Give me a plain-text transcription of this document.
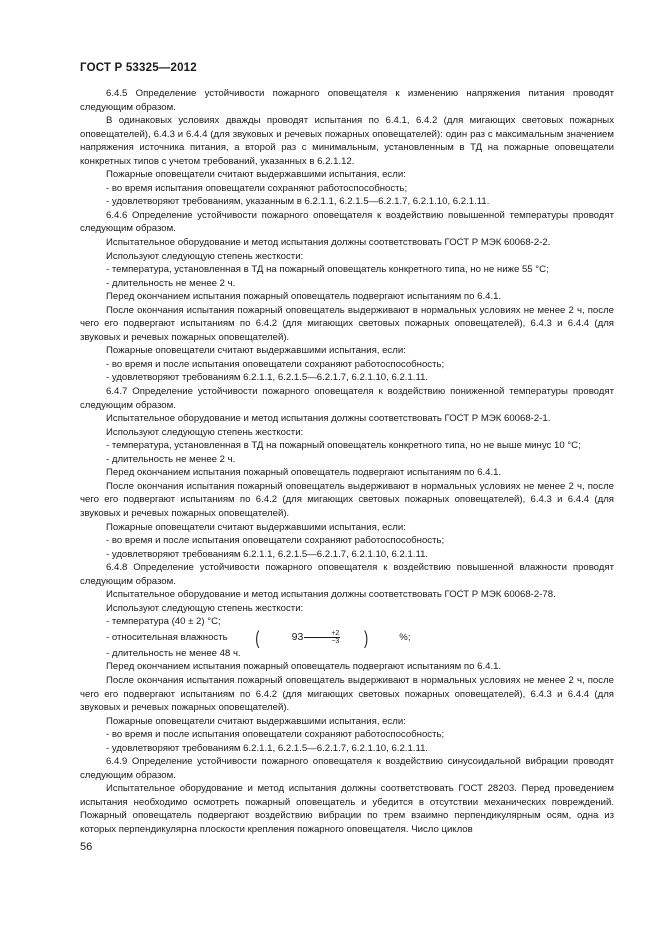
ГОСТ Р 53325—2012

6.4.5 Определение устойчивости пожарного оповещателя к изменению напряжения питания проводят следующим образом.

В одинаковых условиях дважды проводят испытания по 6.4.1, 6.4.2 (для мигающих световых пожарных оповещателей), 6.4.3 и 6.4.4 (для звуковых и речевых пожарных оповещателей): один раз с максимальным значением напряжения источника питания, а второй раз с минимальным, установленным в ТД на пожарные оповещатели конкретных типов с учетом требований, указанных в 6.2.1.12.

Пожарные оповещатели считают выдержавшими испытания, если:

- во время испытания оповещатели сохраняют работоспособность;

- удовлетворяют требованиям, указанным в 6.2.1.1, 6.2.1.5—6.2.1.7, 6.2.1.10, 6.2.1.11.

6.4.6 Определение устойчивости пожарного оповещателя к воздействию повышенной температуры проводят следующим образом.

Испытательное оборудование и метод испытания должны соответствовать ГОСТ Р МЭК 60068-2-2.

Используют следующую степень жесткости:

- температура, установленная в ТД на пожарный оповещатель конкретного типа, но не ниже 55 °С;

- длительность не менее 2 ч.

Перед окончанием испытания пожарный оповещатель подвергают испытаниям по 6.4.1.

После окончания испытания пожарный оповещатель выдерживают в нормальных условиях не менее 2 ч, после чего его подвергают испытаниям по 6.4.2 (для мигающих световых пожарных оповещателей), 6.4.3 и 6.4.4 (для звуковых и речевых пожарных оповещателей).

Пожарные оповещатели считают выдержавшими испытания, если:

- во время и после испытания оповещатели сохраняют работоспособность;

- удовлетворяют требованиям 6.2.1.1, 6.2.1.5—6.2.1.7, 6.2.1.10, 6.2.1.11.

6.4.7 Определение устойчивости пожарного оповещателя к воздействию пониженной температуры проводят следующим образом.

Испытательное оборудование и метод испытания должны соответствовать ГОСТ Р МЭК 60068-2-1.

Используют следующую степень жесткости:

- температура, установленная в ТД на пожарный оповещатель конкретного типа, но не выше минус 10 °С;

- длительность не менее 2 ч.

Перед окончанием испытания пожарный оповещатель подвергают испытаниям по 6.4.1.

После окончания испытания пожарный оповещатель выдерживают в нормальных условиях не менее 2 ч, после чего его подвергают испытаниям по 6.4.2 (для мигающих световых пожарных оповещателей), 6.4.3 и 6.4.4 (для звуковых и речевых пожарных оповещателей).

Пожарные оповещатели считают выдержавшими испытания, если:

- во время и после испытания оповещатели сохраняют работоспособность;

- удовлетворяют требованиям 6.2.1.1, 6.2.1.5—6.2.1.7, 6.2.1.10, 6.2.1.11.

6.4.8 Определение устойчивости пожарного оповещателя к воздействию повышенной влажности проводят следующим образом.

Испытательное оборудование и метод испытания должны соответствовать ГОСТ Р МЭК 60068-2-78.

Используют следующую степень жесткости:

- температура (40 ± 2) °С;

- относительная влажность	(	93	+2
−3	)	%;

- длительность не менее 48 ч.

Перед окончанием испытания пожарный оповещатель подвергают испытаниям по 6.4.1.

После окончания испытания пожарный оповещатель выдерживают в нормальных условиях не менее 2 ч, после чего его подвергают испытаниям по 6.4.2 (для мигающих световых пожарных оповещателей), 6.4.3 и 6.4.4 (для звуковых и речевых пожарных оповещателей).

Пожарные оповещатели считают выдержавшими испытания, если:

- во время и после испытания оповещатели сохраняют работоспособность;

- удовлетворяют требованиям 6.2.1.1, 6.2.1.5—6.2.1.7, 6.2.1.10, 6.2.1.11.

6.4.9 Определение устойчивости пожарного оповещателя к воздействию синусоидальной вибрации проводят следующим образом.

Испытательное оборудование и метод испытания должны соответствовать ГОСТ 28203. Перед проведением испытания необходимо осмотреть пожарный оповещатель и убедится в отсутствии механических повреждений. Пожарный оповещатель подвергают воздействию вибрации по трем взаимно перпендикулярным осям, одна из которых перпендикулярна плоскости крепления пожарного оповещателя. Число циклов

56
